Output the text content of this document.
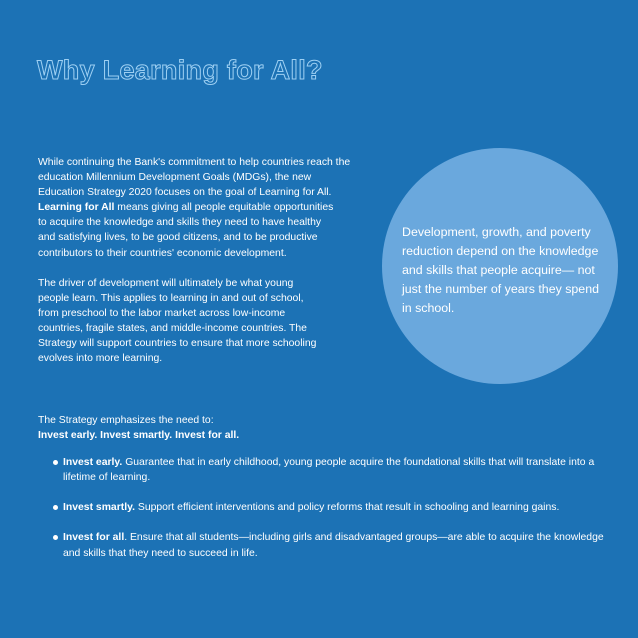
Why Learning for All?

Development, growth, and poverty reduction depend on the knowledge and skills that people acquire— not just the number of years they spend in school.

While continuing the Bank's commitment to help countries reach the
education Millennium Development Goals (MDGs), the new
Education Strategy 2020 focuses on the goal of Learning for All.
Learning for All means giving all people equitable opportunities
to acquire the knowledge and skills they need to have healthy
and satisfying lives, to be good citizens, and to be productive
contributors to their countries' economic development.

The driver of development will ultimately be what young
people learn. This applies to learning in and out of school,
from preschool to the labor market across low-income
countries, fragile states, and middle-income countries. The
Strategy will support countries to ensure that more schooling
evolves into more learning.

The Strategy emphasizes the need to:

Invest early. Invest smartly. Invest for all.

Invest early. Guarantee that in early childhood, young people acquire the foundational skills that will translate into a lifetime of learning.
Invest smartly. Support efficient interventions and policy reforms that result in schooling and learning gains.
Invest for all. Ensure that all students—including girls and disadvantaged groups—are able to acquire the knowledge and skills that they need to succeed in life.
